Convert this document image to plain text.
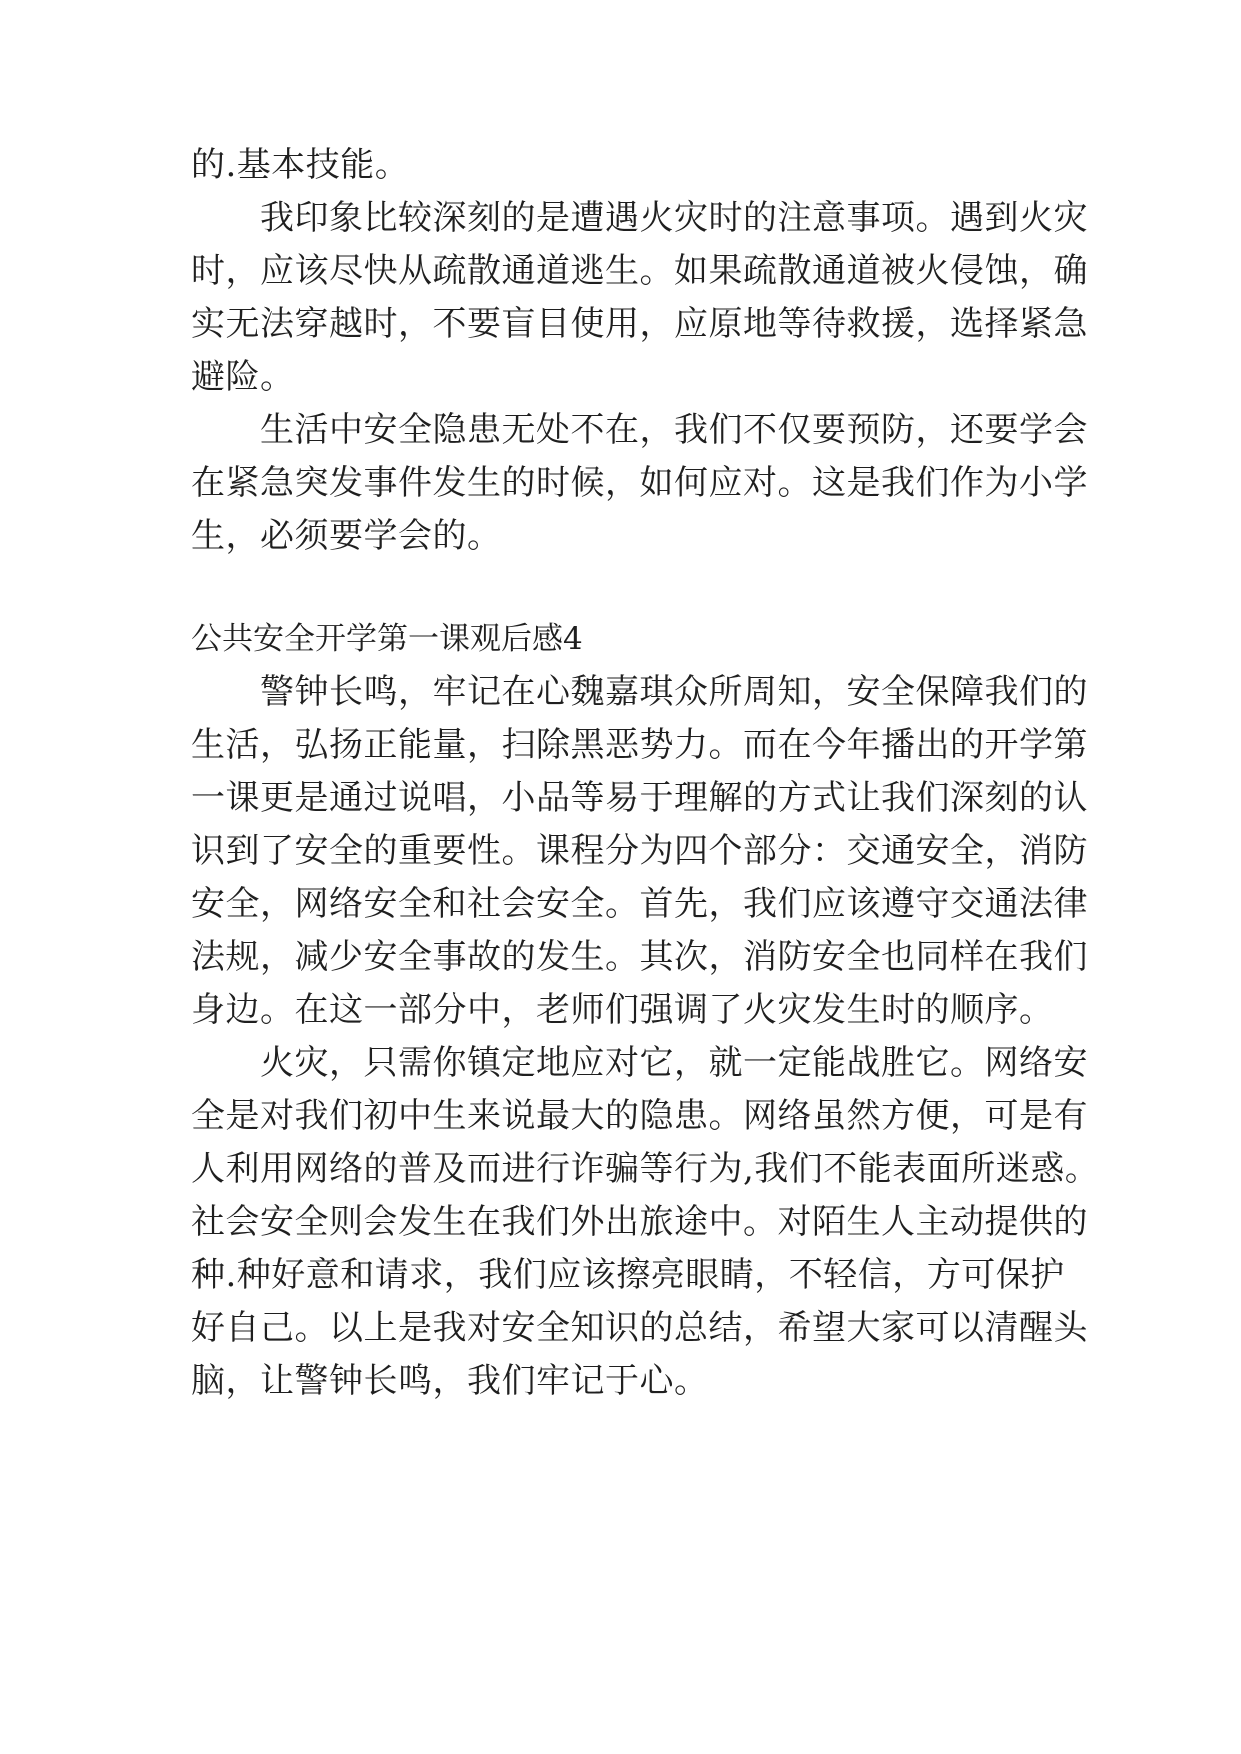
的.基本技能。
　　我印象比较深刻的是遭遇火灾时的注意事项。遇到火灾
时，应该尽快从疏散通道逃生。如果疏散通道被火侵蚀，确
实无法穿越时，不要盲目使用，应原地等待救援，选择紧急
避险。
　　生活中安全隐患无处不在，我们不仅要预防，还要学会
在紧急突发事件发生的时候，如何应对。这是我们作为小学
生，必须要学会的。
公共安全开学第一课观后感4
　　警钟长鸣，牢记在心魏嘉琪众所周知，安全保障我们的
生活，弘扬正能量，扫除黑恶势力。而在今年播出的开学第
一课更是通过说唱，小品等易于理解的方式让我们深刻的认
识到了安全的重要性。课程分为四个部分：交通安全，消防
安全，网络安全和社会安全。首先，我们应该遵守交通法律
法规，减少安全事故的发生。其次，消防安全也同样在我们
身边。在这一部分中，老师们强调了火灾发生时的顺序。
　　火灾，只需你镇定地应对它，就一定能战胜它。网络安
全是对我们初中生来说最大的隐患。网络虽然方便，可是有
人利用网络的普及而进行诈骗等行为,我们不能表面所迷惑。
社会安全则会发生在我们外出旅途中。对陌生人主动提供的
种.种好意和请求，我们应该擦亮眼睛，不轻信，方可保护
好自己。以上是我对安全知识的总结，希望大家可以清醒头
脑，让警钟长鸣，我们牢记于心。
